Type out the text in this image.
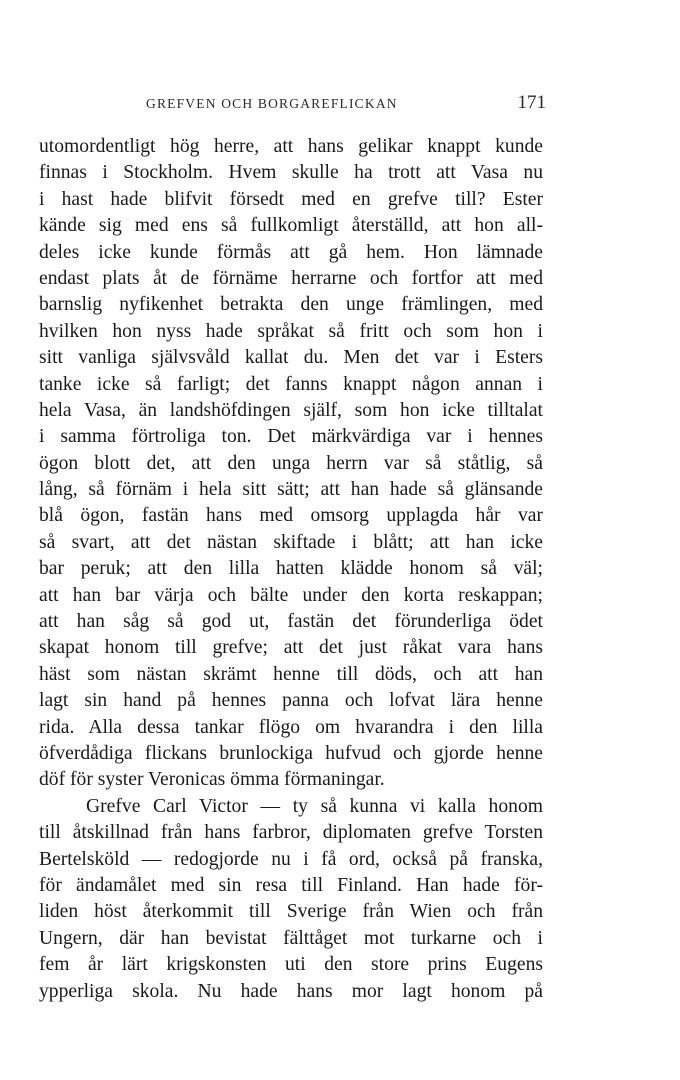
GREFVEN OCH BORGAREFLICKAN	171
utomordentligt hög herre, att hans gelikar knappt kunde
finnas i Stockholm. Hvem skulle ha trott att Vasa nu
i hast hade blifvit försedt med en grefve till? Ester
kände sig med ens så fullkomligt återställd, att hon all-
deles icke kunde förmås att gå hem. Hon lämnade
endast plats åt de förnäme herrarne och fortfor att med
barnslig nyfikenhet betrakta den unge främlingen, med
hvilken hon nyss hade språkat så fritt och som hon i
sitt vanliga självsvåld kallat du. Men det var i Esters
tanke icke så farligt; det fanns knappt någon annan i
hela Vasa, än landshöfdingen själf, som hon icke tilltalat
i samma förtroliga ton. Det märkvärdiga var i hennes
ögon blott det, att den unga herrn var så ståtlig, så
lång, så förnäm i hela sitt sätt; att han hade så glänsande
blå ögon, fastän hans med omsorg upplagda hår var
så svart, att det nästan skiftade i blått; att han icke
bar peruk; att den lilla hatten klädde honom så väl;
att han bar värja och bälte under den korta reskappan;
att han såg så god ut, fastän det förunderliga ödet
skapat honom till grefve; att det just råkat vara hans
häst som nästan skrämt henne till döds, och att han
lagt sin hand på hennes panna och lofvat lära henne
rida. Alla dessa tankar flögo om hvarandra i den lilla
öfverdådiga flickans brunlockiga hufvud och gjorde henne
döf för syster Veronicas ömma förmaningar.
Grefve Carl Victor — ty så kunna vi kalla honom
till åtskillnad från hans farbror, diplomaten grefve Torsten
Bertelsköld — redogjorde nu i få ord, också på franska,
för ändamålet med sin resa till Finland. Han hade för-
liden höst återkommit till Sverige från Wien och från
Ungern, där han bevistat fälttåget mot turkarne och i
fem år lärt krigskonsten uti den store prins Eugens
ypperliga skola. Nu hade hans mor lagt honom på
